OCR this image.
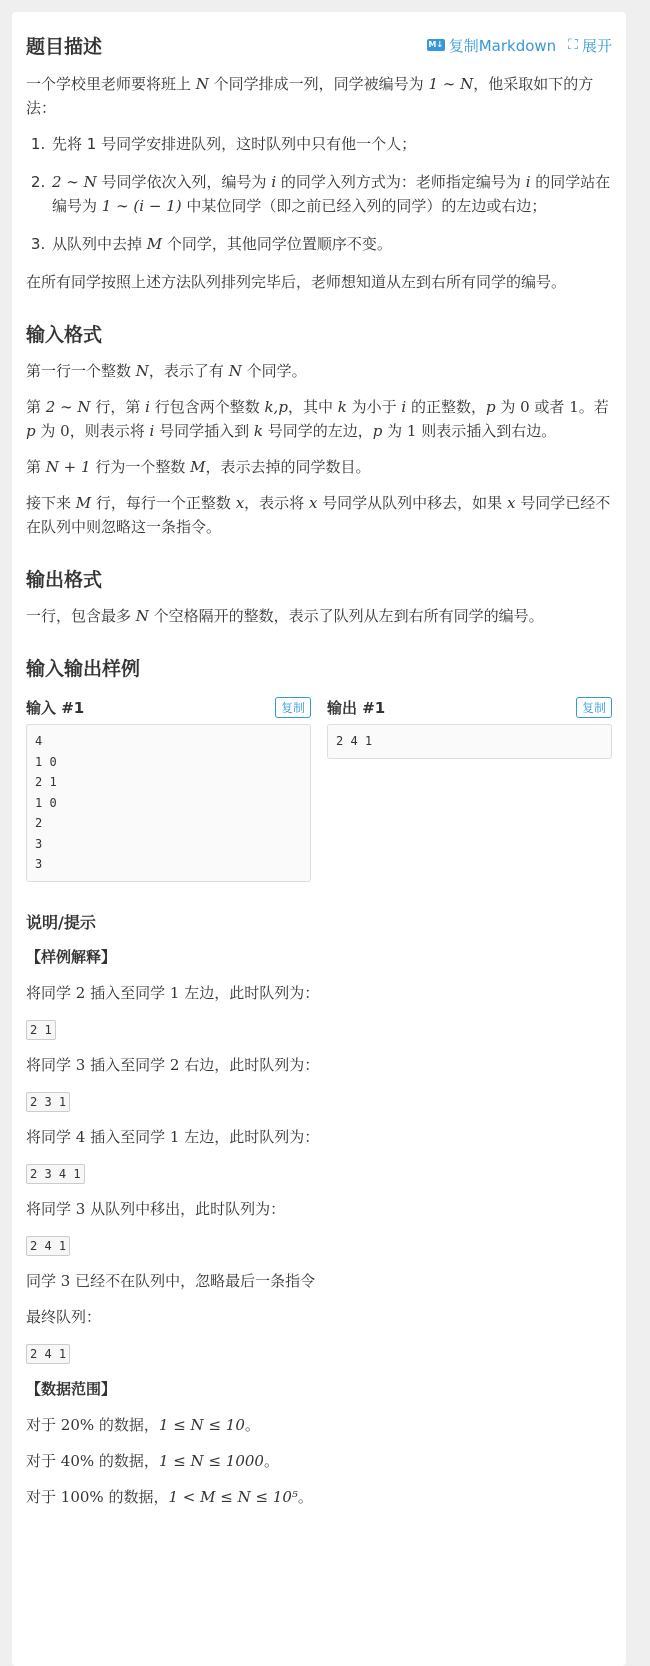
题目描述	M↓ 复制Markdown ⛶ 展开

一个学校里老师要将班上 N 个同学排成一列，同学被编号为 1 ∼ N，他采取如下的方法：

1. 先将 1 号同学安排进队列，这时队列中只有他一个人；
2. 2 ∼ N 号同学依次入列，编号为 i 的同学入列方式为：老师指定编号为 i 的同学站在编号为 1 ∼ (i − 1) 中某位同学（即之前已经入列的同学）的左边或右边；
3. 从队列中去掉 M 个同学，其他同学位置顺序不变。

在所有同学按照上述方法队列排列完毕后，老师想知道从左到右所有同学的编号。

输入格式

第一行一个整数 N，表示了有 N 个同学。

第 2 ∼ N 行，第 i 行包含两个整数 k,p，其中 k 为小于 i 的正整数，p 为 0 或者 1。若 p 为 0，则表示将 i 号同学插入到 k 号同学的左边，p 为 1 则表示插入到右边。

第 N + 1 行为一个整数 M，表示去掉的同学数目。

接下来 M 行，每行一个正整数 x，表示将 x 号同学从队列中移去，如果 x 号同学已经不在队列中则忽略这一条指令。

输出格式

一行，包含最多 N 个空格隔开的整数，表示了队列从左到右所有同学的编号。

输入输出样例
输入 #1	复制
4
1 0
2 1
1 0
2
3
3
输出 #1	复制
2 4 1
说明/提示

【样例解释】

将同学 2 插入至同学 1 左边，此时队列为：

2 1

将同学 3 插入至同学 2 右边，此时队列为：

2 3 1

将同学 4 插入至同学 1 左边，此时队列为：

2 3 4 1

将同学 3 从队列中移出，此时队列为：

2 4 1

同学 3 已经不在队列中，忽略最后一条指令

最终队列：

2 4 1

【数据范围】

对于 20% 的数据，1 ≤ N ≤ 10。

对于 40% 的数据，1 ≤ N ≤ 1000。

对于 100% 的数据，1 < M ≤ N ≤ 10⁵。
